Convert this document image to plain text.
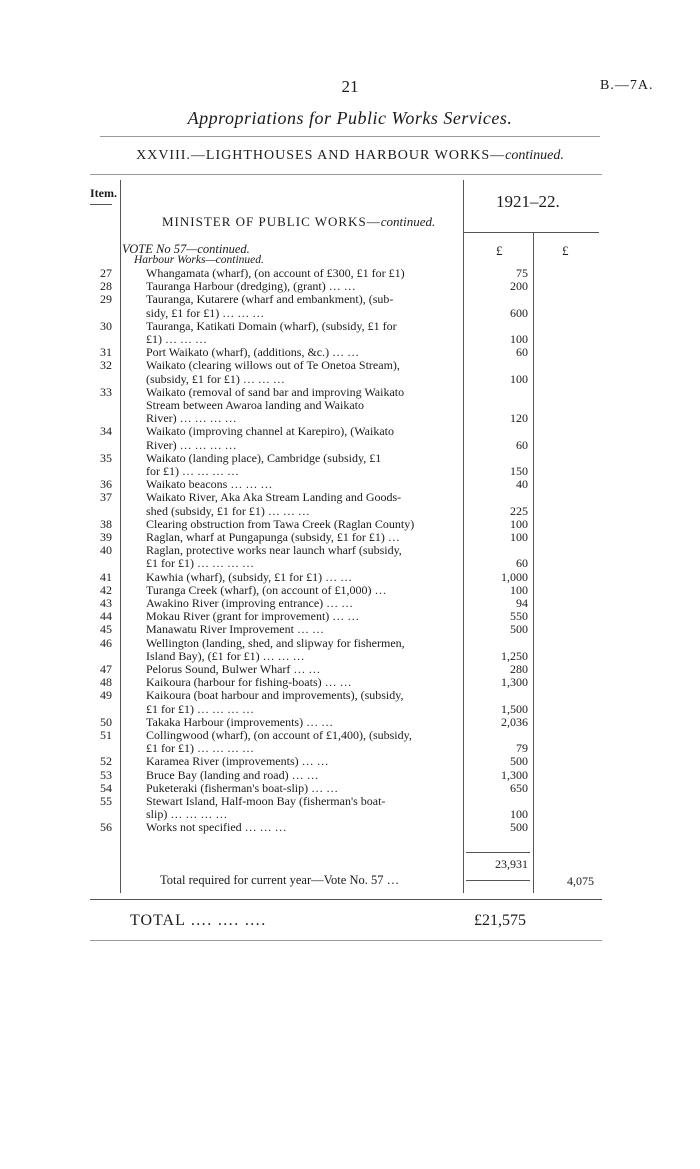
21	B.—7A.
Appropriations for Public Works Services.
XXVIII.—LIGHTHOUSES AND HARBOUR WORKS—continued.
Item.	1921–22.
MINISTER OF PUBLIC WORKS—continued.
£	£
VOTE No 57—continued.
Harbour Works—continued.
27	Whangamata (wharf), (on account of £300, £1 for £1)	75
28	Tauranga Harbour (dredging), (grant) … …	200
29	Tauranga, Kutarere (wharf and embankment), (sub-
sidy, £1 for £1) … … …	600
30	Tauranga, Katikati Domain (wharf), (subsidy, £1 for
£1) … … …	100
31	Port Waikato (wharf), (additions, &c.) … …	60
32	Waikato (clearing willows out of Te Onetoa Stream),
(subsidy, £1 for £1) … … …	100
33	Waikato (removal of sand bar and improving Waikato
Stream between Awaroa landing and Waikato
River) … … … …	120
34	Waikato (improving channel at Karepiro), (Waikato
River) … … … …	60
35	Waikato (landing place), Cambridge (subsidy, £1
for £1) … … … …	150
36	Waikato beacons … … …	40
37	Waikato River, Aka Aka Stream Landing and Goods-
shed (subsidy, £1 for £1) … … …	225
38	Clearing obstruction from Tawa Creek (Raglan County)	100
39	Raglan, wharf at Pungapunga (subsidy, £1 for £1) …	100
40	Raglan, protective works near launch wharf (subsidy,
£1 for £1) … … … …	60
41	Kawhia (wharf), (subsidy, £1 for £1) … …	1,000
42	Turanga Creek (wharf), (on account of £1,000) …	100
43	Awakino River (improving entrance) … …	94
44	Mokau River (grant for improvement) … …	550
45	Manawatu River Improvement … …	500
46	Wellington (landing, shed, and slipway for fishermen,
Island Bay), (£1 for £1) … … …	1,250
47	Pelorus Sound, Bulwer Wharf … …	280
48	Kaikoura (harbour for fishing-boats) … …	1,300
49	Kaikoura (boat harbour and improvements), (subsidy,
£1 for £1) … … … …	1,500
50	Takaka Harbour (improvements) … …	2,036
51	Collingwood (wharf), (on account of £1,400), (subsidy,
£1 for £1) … … … …	79
52	Karamea River (improvements) … …	500
53	Bruce Bay (landing and road) … …	1,300
54	Puketeraki (fisherman's boat-slip) … …	650
55	Stewart Island, Half-moon Bay (fisherman's boat-
slip) … … … …	100
56	Works not specified … … …	500
23,931
Total required for current year—Vote No. 57 …	4,075
TOTAL …. …. ….	£21,575
